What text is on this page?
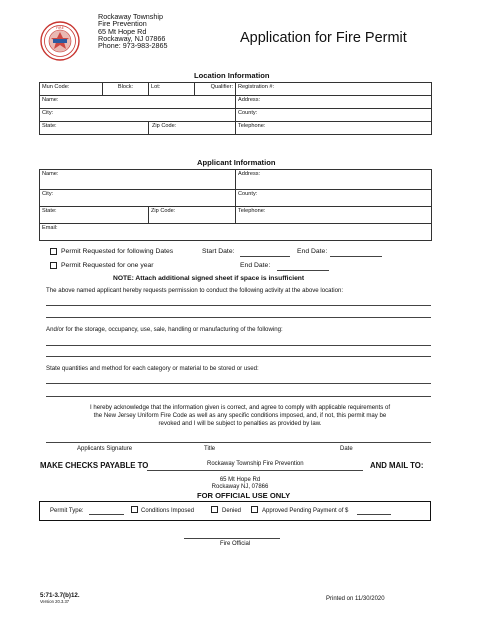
FIRE
Rockaway Township
Fire Prevention
65 Mt Hope Rd
Rockaway, NJ 07866
Phone: 973-983-2865	Application for Fire Permit
Location Information
Mun Code:	Block:	Lot:	Qualifier:	Registration #:
Name:				Address:
City:				County:
State:		Zip Code:		Telephone:
Applicant Information
Name:		Address:
City:		County:
State:	Zip Code:	Telephone:
Email:		
Permit Requested for following Dates	Start Date:	End Date:
Permit Requested for one year	End Date:
NOTE: Attach additional signed sheet if space is insufficient
The above named applicant hereby requests permission to conduct the following activity at the above location:
And/or for the storage, occupancy, use, sale, handling or manufacturing of the following:
State quantities and method for each category or material to be stored or used:
I hereby acknowledge that the information given is correct, and agree to comply with applicable requirements of
the New Jersey Uniform Fire Code as well as any specific conditions imposed, and, if not, this permit may be
revoked and I will be subject to penalties as provided by law.
Applicants Signature	Title	Date
MAKE CHECKS PAYABLE TO	Rockaway Township Fire Prevention	AND MAIL TO:
65 Mt Hope Rd
Rockaway NJ, 07866
FOR OFFICIAL USE ONLY
Permit Type:	Conditions Imposed	Denied	Approved Pending Payment of $
Fire Official
5:71-3.7(b)12.
Version 20.3.37	Printed on 11/30/2020
